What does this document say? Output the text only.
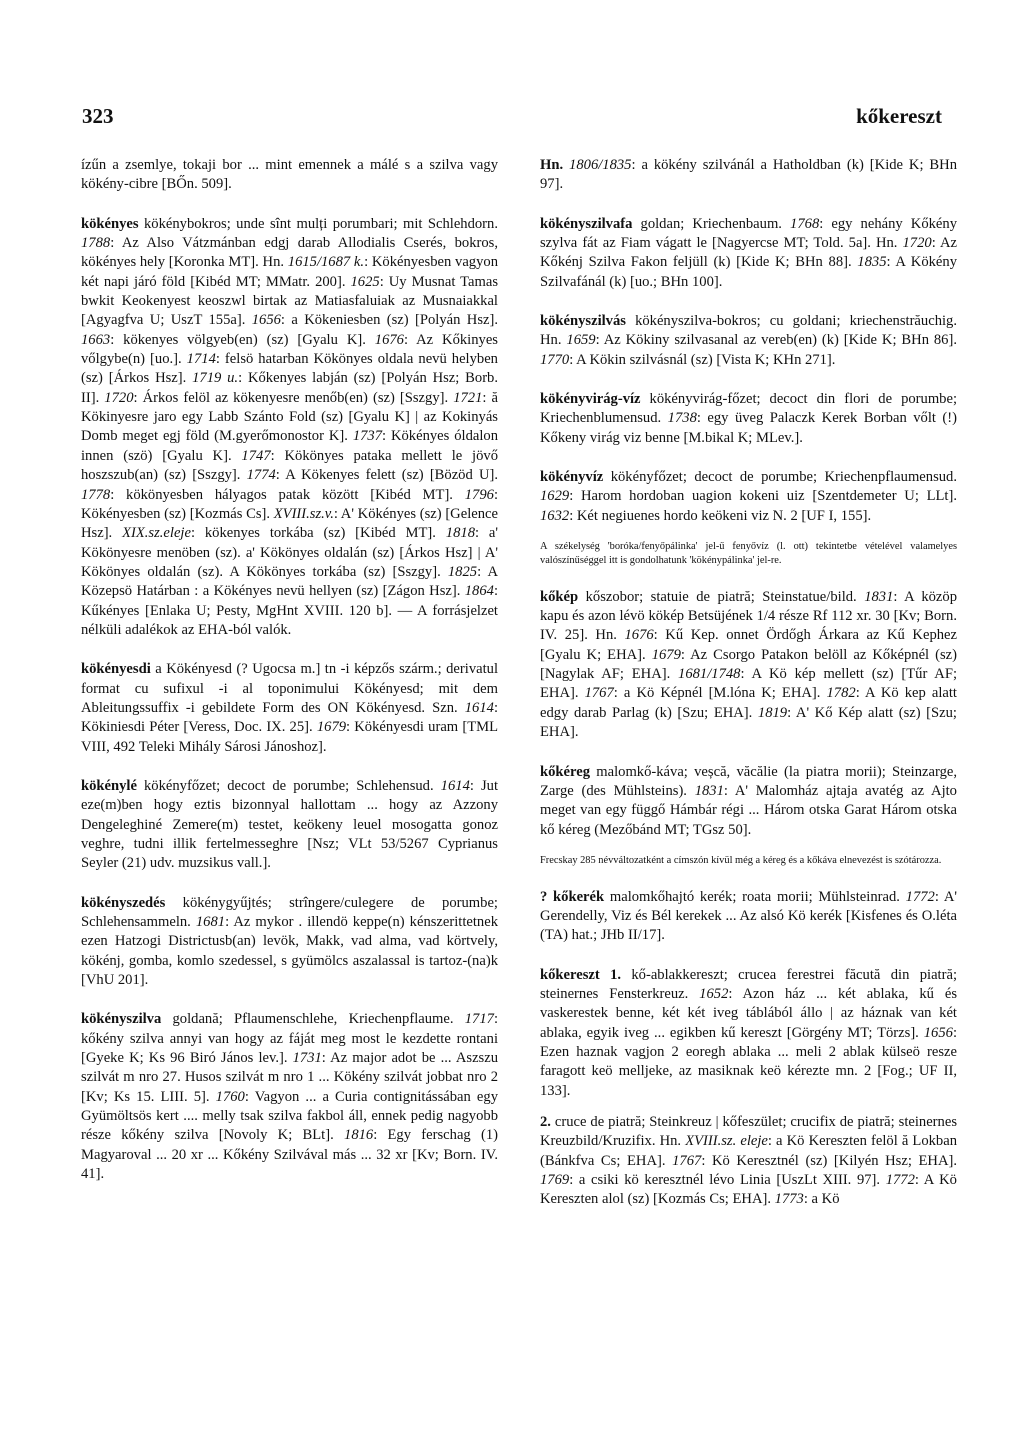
323	kőkereszt

ízűn a zsemlye, tokaji bor ... mint emennek a málé s a szilva vagy kökény-cibre [BŐn. 509].

kökényes kökénybokros; unde sînt mulți porumbari; mit Schlehdorn. 1788: Az Also Vátzmánban edgj darab Allodialis Cserés, bokros, kökényes hely [Koronka MT]. Hn. 1615/1687 k.: Kökényesben vagyon két napi járó föld [Kibéd MT; MMatr. 200]. 1625: Uy Musnat Tamas bwkit Keokenyest keoszwl birtak az Matiasfaluiak az Musnaiakkal [Agyagfva U; UszT 155a]. 1656: a Kökeniesben (sz) [Polyán Hsz]. 1663: kökenyes völgyeb(en) (sz) [Gyalu K]. 1676: Az Kőkinyes vőlgybe(n) [uo.]. 1714: felsö hatarban Kökönyes oldala nevü helyben (sz) [Árkos Hsz]. 1719 u.: Kőkenyes labján (sz) [Polyán Hsz; Borb. II]. 1720: Árkos felöl az kökenyesre menőb(en) (sz) [Sszgy]. 1721: ă Kökinyesre jaro egy Labb Szánto Fold (sz) [Gyalu K] | az Kokinyás Domb meget egj föld (M.gyerőmonostor K]. 1737: Kökényes óldalon innen (szö) [Gyalu K]. 1747: Kökönyes pataka mellett le jövő hoszszub(an) (sz) [Sszgy]. 1774: A Kökenyes felett (sz) [Bözöd U]. 1778: kökönyesben hályagos patak között [Kibéd MT]. 1796: Kökényesben (sz) [Kozmás Cs]. XVIII.sz.v.: A' Kökényes (sz) [Gelence Hsz]. XIX.sz.eleje: kökenyes torkába (sz) [Kibéd MT]. 1818: a' Kökönyesre menöben (sz). a' Kökönyes oldalán (sz) [Árkos Hsz] | A' Kökönyes oldalán (sz). A Kökönyes torkába (sz) [Sszgy]. 1825: A Közepsö Határban : a Kökényes nevü hellyen (sz) [Zágon Hsz]. 1864: Kűkényes [Enlaka U; Pesty, MgHnt XVIII. 120 b]. — A forrásjelzet nélküli adalékok az EHA-ból valók.

kökényesdi a Kökényesd (? Ugocsa m.] tn -i képzős szárm.; derivatul format cu sufixul -i al toponimului Kökényesd; mit dem Ableitungssuffix -i gebildete Form des ON Kökényesd. Szn. 1614: Kökiniesdi Péter [Veress, Doc. IX. 25]. 1679: Kökényesdi uram [TML VIII, 492 Teleki Mihály Sárosi Jánoshoz].

kökénylé kökényfőzet; decoct de porumbe; Schlehensud. 1614: Jut eze(m)ben hogy eztis bizonnyal hallottam ... hogy az Azzony Dengeleghiné Zemere(m) testet, keökeny leuel mosogatta gonoz veghre, tudni illik fertelmesseghre [Nsz; VLt 53/5267 Cyprianus Seyler (21) udv. muzsikus vall.].

kökényszedés kökénygyűjtés; strîngere/culegere de porumbe; Schlehensammeln. 1681: Az mykor . illendö keppe(n) kénszerittetnek ezen Hatzogi Districtusb(an) levök, Makk, vad alma, vad körtvely, kökénj, gomba, komlo szedessel, s gyümölcs aszalassal is tartoz-(na)k [VhU 201].

kökényszilva goldană; Pflaumenschlehe, Kriechenpflaume. 1717: kőkény szilva annyi van hogy az fáját meg most le kezdette rontani [Gyeke K; Ks 96 Biró János lev.]. 1731: Az major adot be ... Aszszu szilvát m nro 27. Husos szilvát m nro 1 ... Kökény szilvát jobbat nro 2 [Kv; Ks 15. LIII. 5]. 1760: Vagyon ... a Curia contignitássában egy Gyümöltsös kert .... melly tsak szilva fakbol áll, ennek pedig nagyobb része kőkény szilva [Novoly K; BLt]. 1816: Egy ferschag (1) Magyaroval ... 20 xr ... Kőkény Szilvával más ... 32 xr [Kv; Born. IV. 41].

Hn. 1806/1835: a kökény szilvánál a Hatholdban (k) [Kide K; BHn 97].

kökényszilvafa goldan; Kriechenbaum. 1768: egy nehány Kőkény szylva fát az Fiam vágatt le [Nagyercse MT; Told. 5a]. Hn. 1720: Az Kőkénj Szilva Fakon feljüll (k) [Kide K; BHn 88]. 1835: A Kökény Szilvafánál (k) [uo.; BHn 100].

kökényszilvás kökényszilva-bokros; cu goldani; kriechenstrăuchig. Hn. 1659: Az Kökiny szilvasanal az vereb(en) (k) [Kide K; BHn 86]. 1770: A Kökin szilvásnál (sz) [Vista K; KHn 271].

kökényvirág-víz kökényvirág-főzet; decoct din flori de porumbe; Kriechenblumensud. 1738: egy üveg Palaczk Kerek Borban vőlt (!) Kőkeny virág viz benne [M.bikal K; MLev.].

kökényvíz kökényfőzet; decoct de porumbe; Kriechenpflaumensud. 1629: Harom hordoban uagion kokeni uiz [Szentdemeter U; LLt]. 1632: Két negiuenes hordo keökeni viz N. 2 [UF I, 155].

A székelység 'boróka/fenyőpálinka' jel-ű fenyővíz (l. ott) tekintetbe vételével valamelyes valószínűséggel itt is gondolhatunk 'kökénypálinka' jel-re.

kőkép kőszobor; statuie de piatră; Steinstatue/bild. 1831: A közöp kapu és azon lévö kökép Betsüjének 1/4 része Rf 112 xr. 30 [Kv; Born. IV. 25]. Hn. 1676: Kű Kep. onnet Ördőgh Árkara az Kű Kephez [Gyalu K; EHA]. 1679: Az Csorgo Patakon belöll az Kőképnél (sz) [Nagylak AF; EHA]. 1681/1748: A Kö kép mellett (sz) [Tűr AF; EHA]. 1767: a Kö Képnél [M.lóna K; EHA]. 1782: A Kö kep alatt edgy darab Parlag (k) [Szu; EHA]. 1819: A' Kő Kép alatt (sz) [Szu; EHA].

kőkéreg malomkő-káva; veșcă, văcălie (la piatra morii); Steinzarge, Zarge (des Mühlsteins). 1831: A' Malomház ajtaja avatég az Ajto meget van egy függő Hámbár régi ... Három otska Garat Három otska kő kéreg (Mezőbánd MT; TGsz 50].

Frecskay 285 névváltozatként a címszón kívül még a kéreg és a kőkáva elnevezést is szótározza.

? kőkerék malomkőhajtó kerék; roata morii; Mühlsteinrad. 1772: A' Gerendelly, Viz és Bél kerekek ... Az alsó Kö kerék [Kisfenes és O.léta (TA) hat.; JHb II/17].

kőkereszt 1. kő-ablakkereszt; crucea ferestrei făcută din piatră; steinernes Fensterkreuz. 1652: Azon ház ... két ablaka, kű és vaskerestek benne, két két iveg táblából állo | az háznak van két ablaka, egyik iveg ... egikben kű kereszt [Görgény MT; Törzs]. 1656: Ezen haznak vagjon 2 eoregh ablaka ... meli 2 ablak külseö resze faragott keö melljeke, az masiknak keö kérezte mn. 2 [Fog.; UF II, 133].

2. cruce de piatră; Steinkreuz | kőfeszület; crucifix de piatră; steinernes Kreuzbild/Kruzifix. Hn. XVIII.sz. eleje: a Kö Kereszten felöl ă Lokban (Bánkfva Cs; EHA]. 1767: Kö Keresztnél (sz) [Kilyén Hsz; EHA]. 1769: a csiki kö keresztnél lévo Linia [UszLt XIII. 97]. 1772: A Kö Kereszten alol (sz) [Kozmás Cs; EHA]. 1773: a Kö
